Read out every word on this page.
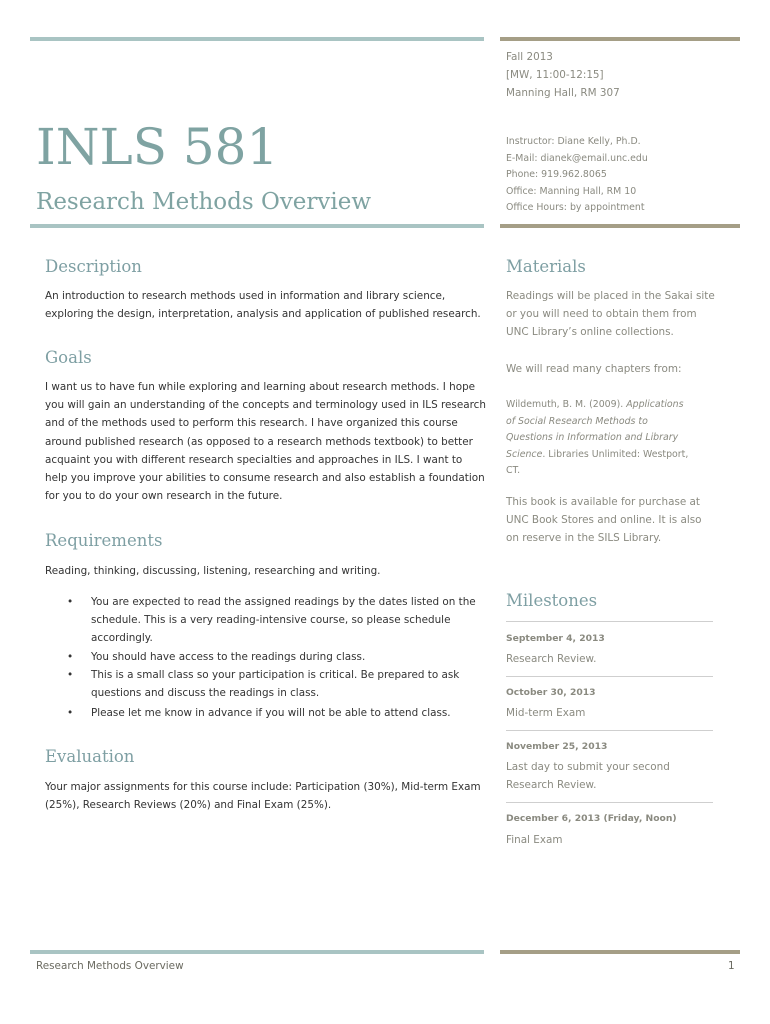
Fall 2013
[MW, 11:00-12:15]
Manning Hall, RM 307
INLS 581
Research Methods Overview
Instructor: Diane Kelly, Ph.D.
E-Mail: dianek@email.unc.edu
Phone: 919.962.8065
Office: Manning Hall, RM 10
Office Hours: by appointment
Description
An introduction to research methods used in information and library science,
exploring the design, interpretation, analysis and application of published research.
Goals
I want us to have fun while exploring and learning about research methods. I hope
you will gain an understanding of the concepts and terminology used in ILS research
and of the methods used to perform this research. I have organized this course
around published research (as opposed to a research methods textbook) to better
acquaint you with different research specialties and approaches in ILS. I want to
help you improve your abilities to consume research and also establish a foundation
for you to do your own research in the future.
Requirements
Reading, thinking, discussing, listening, researching and writing.
• You are expected to read the assigned readings by the dates listed on the
schedule. This is a very reading-intensive course, so please schedule
accordingly.
• You should have access to the readings during class.
• This is a small class so your participation is critical. Be prepared to ask
questions and discuss the readings in class.
• Please let me know in advance if you will not be able to attend class.
Evaluation
Your major assignments for this course include: Participation (30%), Mid-term Exam
(25%), Research Reviews (20%) and Final Exam (25%).
Materials
Readings will be placed in the Sakai site
or you will need to obtain them from
UNC Library’s online collections.
We will read many chapters from:
Wildemuth, B. M. (2009). Applications
of Social Research Methods to
Questions in Information and Library
Science. Libraries Unlimited: Westport,
CT.
This book is available for purchase at
UNC Book Stores and online. It is also
on reserve in the SILS Library.
Milestones
September 4, 2013
Research Review.
October 30, 2013
Mid-term Exam
November 25, 2013
Last day to submit your second
Research Review.
December 6, 2013 (Friday, Noon)
Final Exam
Research Methods Overview	1
